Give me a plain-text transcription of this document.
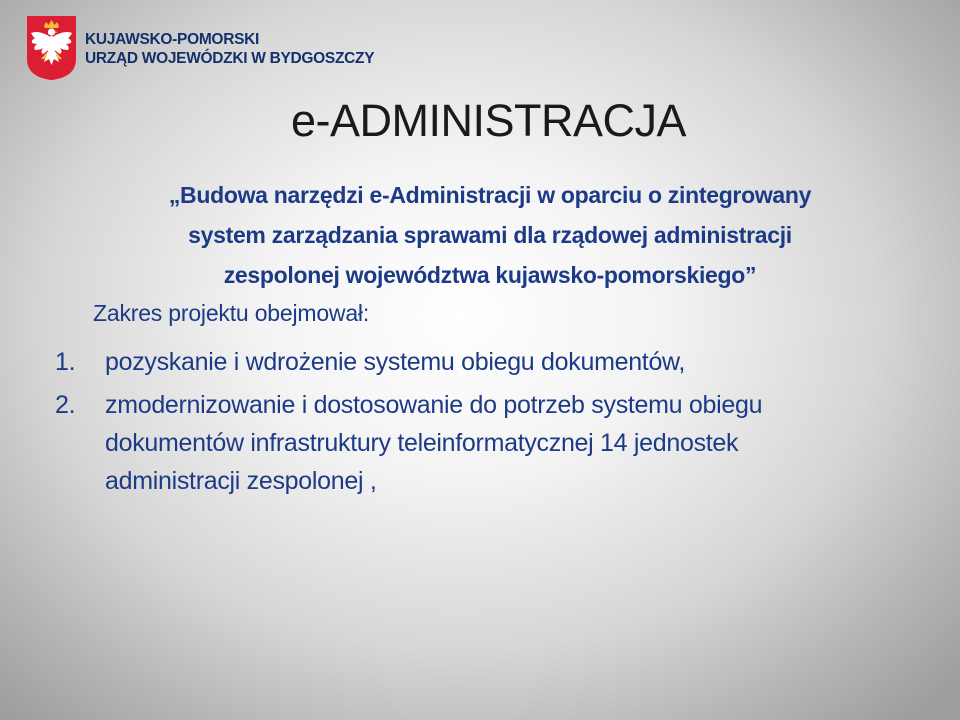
KUJAWSKO-POMORSKI
URZĄD WOJEWÓDZKI W BYDGOSZCZY
e-ADMINISTRACJA
„Budowa narzędzi e-Administracji w oparciu o zintegrowany
system zarządzania sprawami dla rządowej administracji
zespolonej województwa kujawsko-pomorskiego”
Zakres projektu obejmował:
1.	pozyskanie i wdrożenie systemu obiegu dokumentów,
2.	zmodernizowanie i dostosowanie do potrzeb systemu obiegu
dokumentów infrastruktury teleinformatycznej 14 jednostek
administracji zespolonej ,
